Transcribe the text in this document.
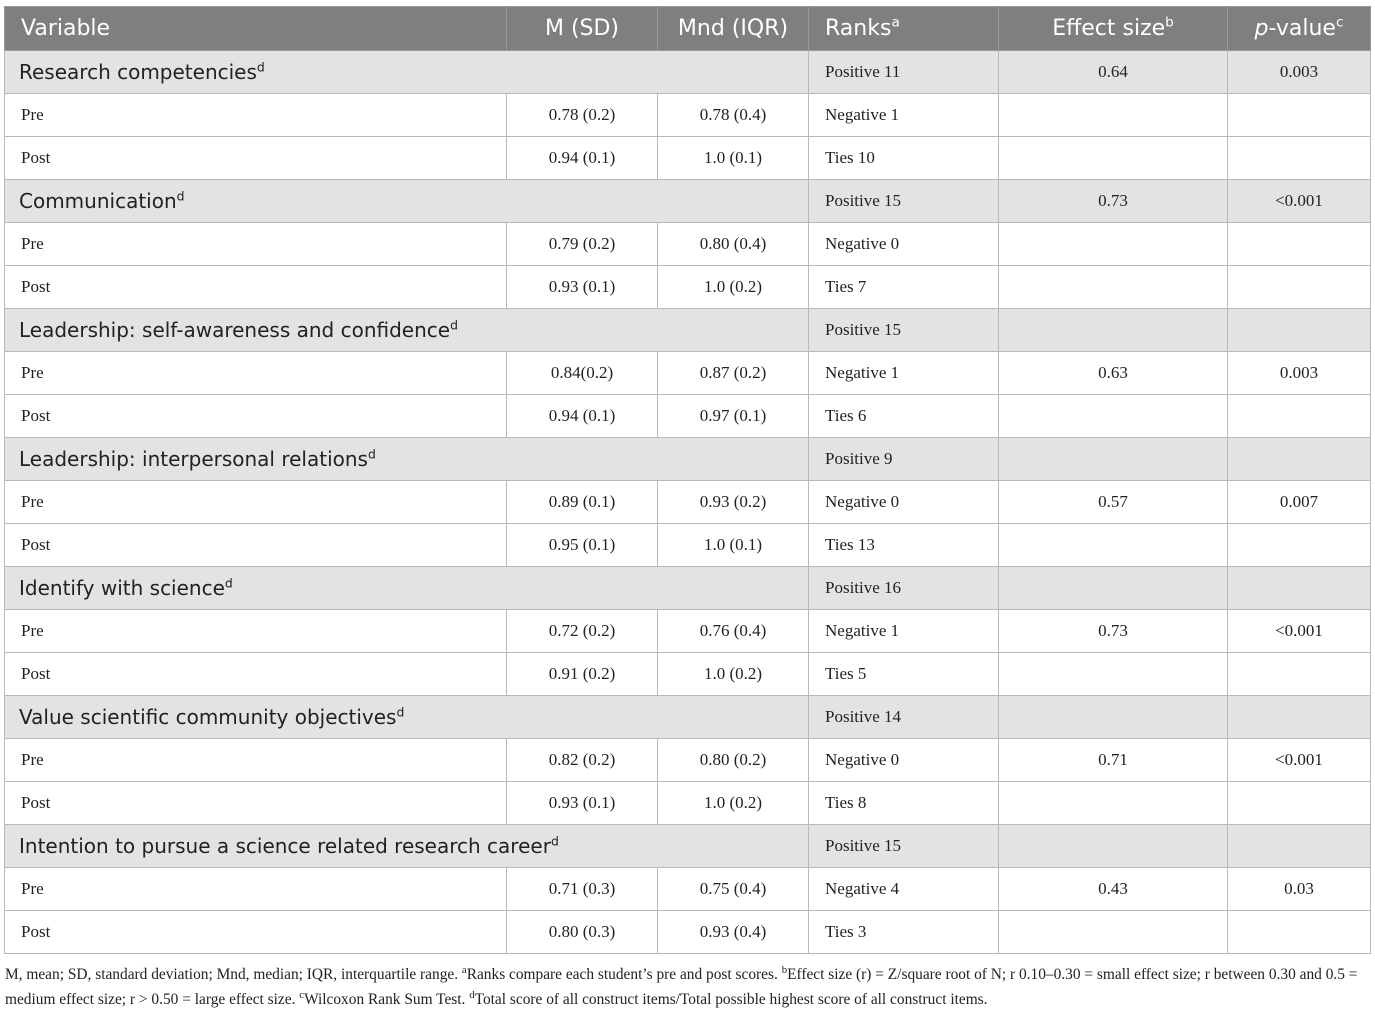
Variable	M (SD)	Mnd (IQR)	Ranks$^a$	Effect size$^b$	p-value$^c$
Research competencies$^d$			Positive 11	0.64	0.003
Pre	0.78 (0.2)	0.78 (0.4)	Negative 1		
Post	0.94 (0.1)	1.0 (0.1)	Ties 10		
Communication$^d$			Positive 15	0.73	<0.001
Pre	0.79 (0.2)	0.80 (0.4)	Negative 0		
Post	0.93 (0.1)	1.0 (0.2)	Ties 7		
Leadership: self-awareness and confidence$^d$			Positive 15		
Pre	0.84(0.2)	0.87 (0.2)	Negative 1	0.63	0.003
Post	0.94 (0.1)	0.97 (0.1)	Ties 6		
Leadership: interpersonal relations$^d$			Positive 9		
Pre	0.89 (0.1)	0.93 (0.2)	Negative 0	0.57	0.007
Post	0.95 (0.1)	1.0 (0.1)	Ties 13		
Identify with science$^d$			Positive 16		
Pre	0.72 (0.2)	0.76 (0.4)	Negative 1	0.73	<0.001
Post	0.91 (0.2)	1.0 (0.2)	Ties 5		
Value scientific community objectives$^d$			Positive 14		
Pre	0.82 (0.2)	0.80 (0.2)	Negative 0	0.71	<0.001
Post	0.93 (0.1)	1.0 (0.2)	Ties 8		
Intention to pursue a science related research career$^d$			Positive 15		
Pre	0.71 (0.3)	0.75 (0.4)	Negative 4	0.43	0.03
Post	0.80 (0.3)	0.93 (0.4)	Ties 3		
M, mean; SD, standard deviation; Mnd, median; IQR, interquartile range. $^a$Ranks compare each student’s pre and post scores. $^b$Effect size (r) = Z/square root of N; r 0.10–0.30 = small effect size; r between 0.30 and 0.5 = medium effect size; r > 0.50 = large effect size. $^c$Wilcoxon Rank Sum Test. $^d$Total score of all construct items/Total possible highest score of all construct items.
